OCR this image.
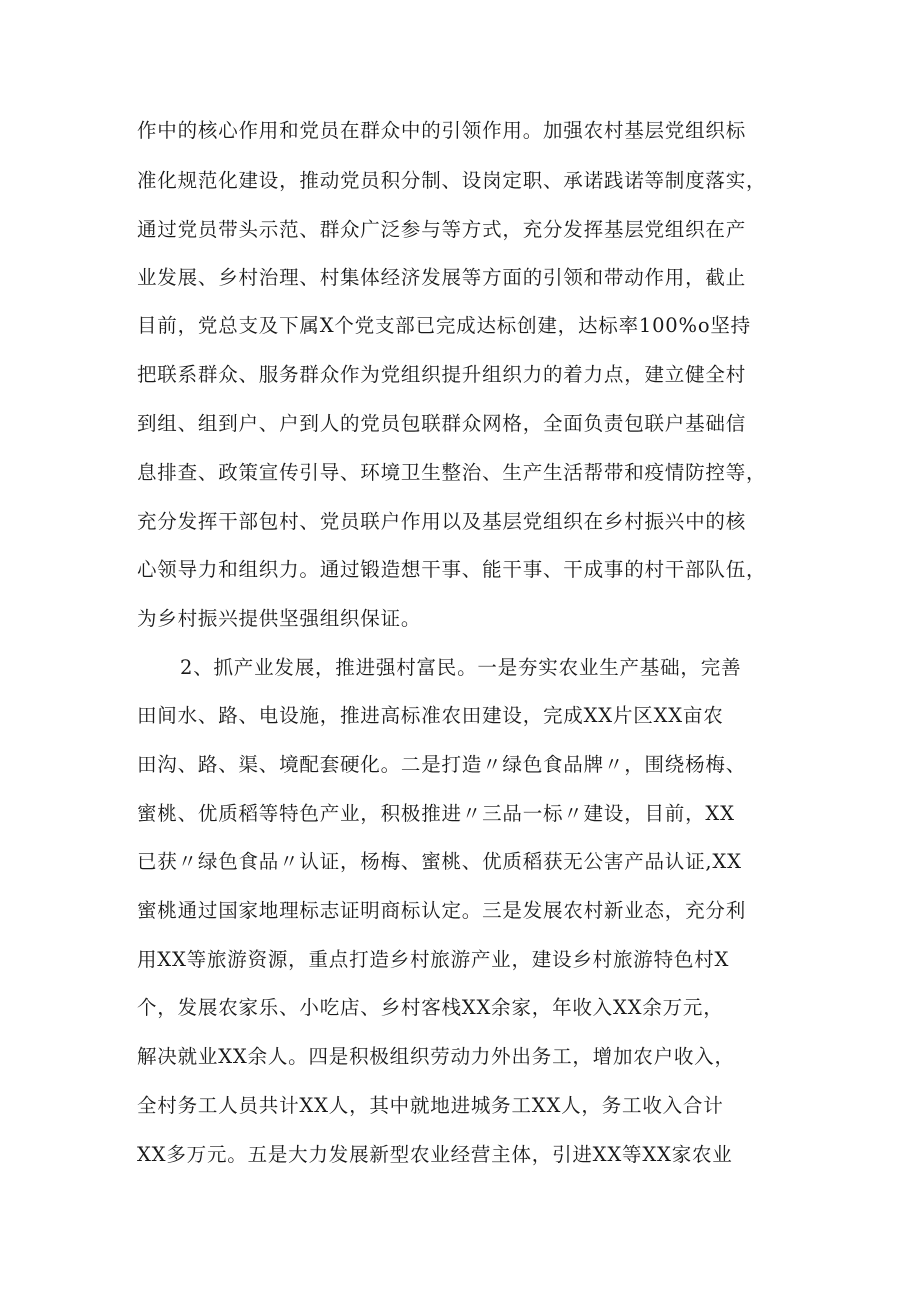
作中的核心作用和党员在群众中的引领作用。加强农村基层党组织标

准化规范化建设，推动党员积分制、设岗定职、承诺践诺等制度落实，

通过党员带头示范、群众广泛参与等方式，充分发挥基层党组织在产

业发展、乡村治理、村集体经济发展等方面的引领和带动作用，截止

目前，党总支及下属X个党支部已完成达标创建，达标率100%o坚持

把联系群众、服务群众作为党组织提升组织力的着力点，建立健全村

到组、组到户、户到人的党员包联群众网格，全面负责包联户基础信

息排查、政策宣传引导、环境卫生整治、生产生活帮带和疫情防控等，

充分发挥干部包村、党员联户作用以及基层党组织在乡村振兴中的核

心领导力和组织力。通过锻造想干事、能干事、干成事的村干部队伍，

为乡村振兴提供坚强组织保证。

2、抓产业发展，推进强村富民。一是夯实农业生产基础，完善

田间水、路、电设施，推进高标准农田建设，完成XX片区XX亩农

田沟、路、渠、境配套硬化。二是打造〃绿色食品牌〃，围绕杨梅、

蜜桃、优质稻等特色产业，积极推进〃三品一标〃建设，目前，XX

已获〃绿色食品〃认证，杨梅、蜜桃、优质稻获无公害产品认证,XX

蜜桃通过国家地理标志证明商标认定。三是发展农村新业态，充分利

用XX等旅游资源，重点打造乡村旅游产业，建设乡村旅游特色村X

个，发展农家乐、小吃店、乡村客栈XX余家，年收入XX余万元，

解决就业XX余人。四是积极组织劳动力外出务工，增加农户收入，

全村务工人员共计XX人，其中就地进城务工XX人，务工收入合计

XX多万元。五是大力发展新型农业经营主体，引进XX等XX家农业
